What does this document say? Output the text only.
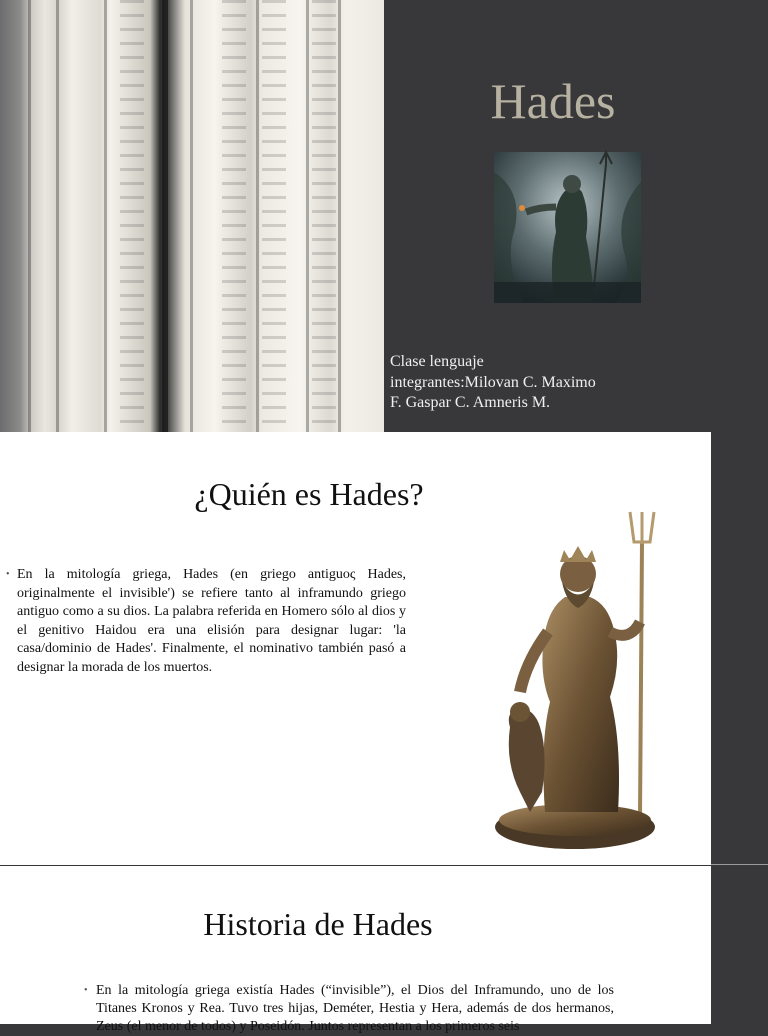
Hades
Clase lenguaje
integrantes:Milovan C. Maximo
F. Gaspar C. Amneris M.
¿Quién es Hades?
• En la mitología griega, Hades (en griego antiguoς Hades, originalmente el invisible') se refiere tanto al inframundo griego antiguo como a su dios. La palabra referida en Homero sólo al dios y el genitivo Haidou era una elisión para designar lugar: 'la casa/dominio de Hades'. Finalmente, el nominativo también pasó a designar la morada de los muertos.
Historia de Hades
• En la mitología griega existía Hades (“invisible”), el Dios del Inframundo, uno de los Titanes Kronos y Rea. Tuvo tres hijas, Deméter, Hestia y Hera, además de dos hermanos, Zeus (el menor de todos) y Poseidón. Juntos representan a los primeros seis
